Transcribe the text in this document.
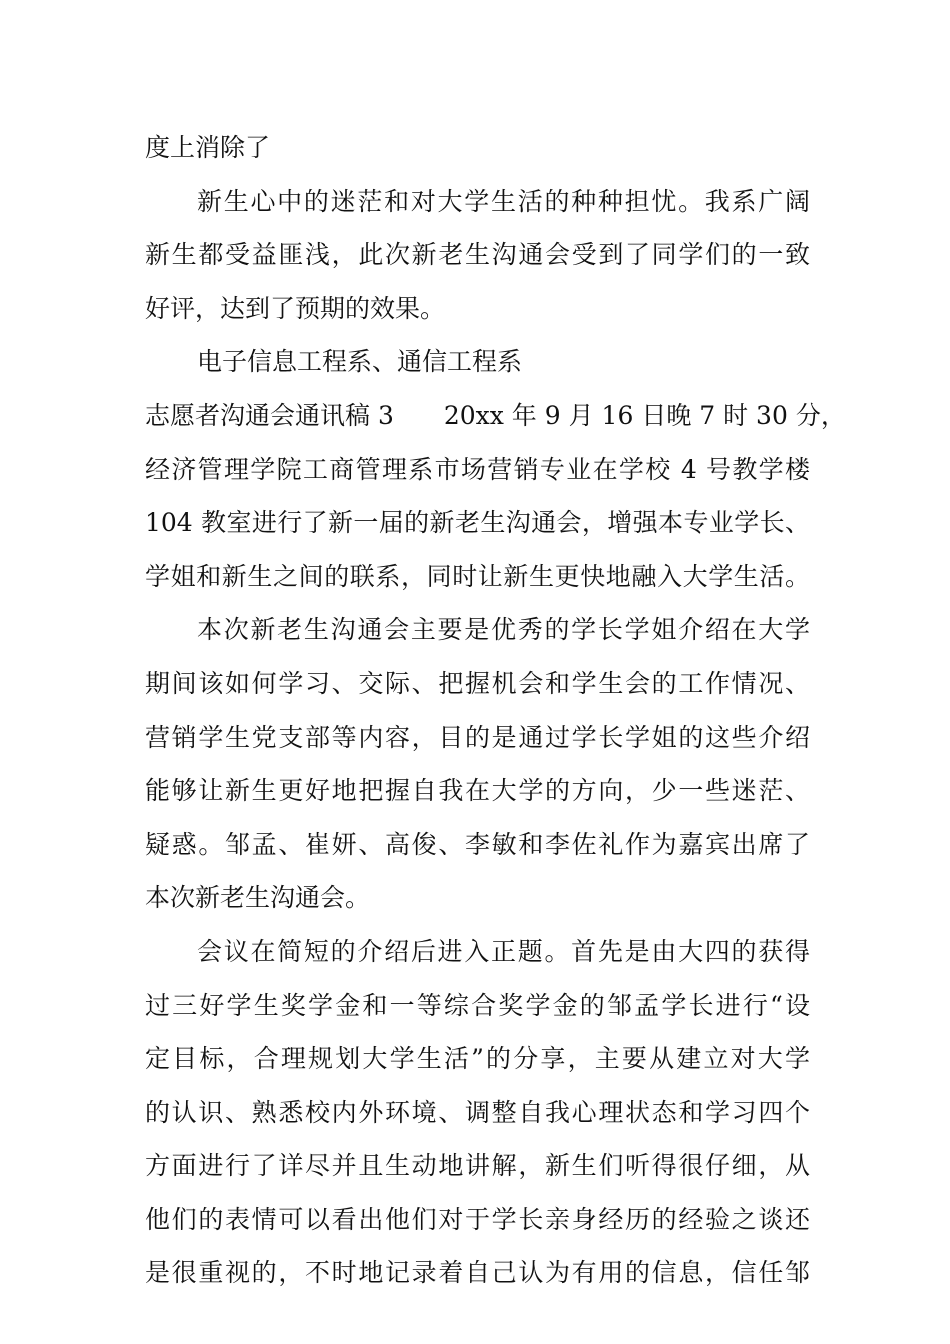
度上消除了
新生心中的迷茫和对大学生活的种种担忧。我系广阔
新生都受益匪浅，此次新老生沟通会受到了同学们的一致
好评，达到了预期的效果。
电子信息工程系、通信工程系
志愿者沟通会通讯稿 3　　20xx 年 9 月 16 日晚 7 时 30 分，
经济管理学院工商管理系市场营销专业在学校 4 号教学楼
104 教室进行了新一届的新老生沟通会，增强本专业学长、
学姐和新生之间的联系，同时让新生更快地融入大学生活。
本次新老生沟通会主要是优秀的学长学姐介绍在大学
期间该如何学习、交际、把握机会和学生会的工作情况、
营销学生党支部等内容，目的是通过学长学姐的这些介绍
能够让新生更好地把握自我在大学的方向，少一些迷茫、
疑惑。邹孟、崔妍、高俊、李敏和李佐礼作为嘉宾出席了
本次新老生沟通会。
会议在简短的介绍后进入正题。首先是由大四的获得
过三好学生奖学金和一等综合奖学金的邹孟学长进行“设
定目标，合理规划大学生活”的分享，主要从建立对大学
的认识、熟悉校内外环境、调整自我心理状态和学习四个
方面进行了详尽并且生动地讲解，新生们听得很仔细，从
他们的表情可以看出他们对于学长亲身经历的经验之谈还
是很重视的，不时地记录着自己认为有用的信息，信任邹
